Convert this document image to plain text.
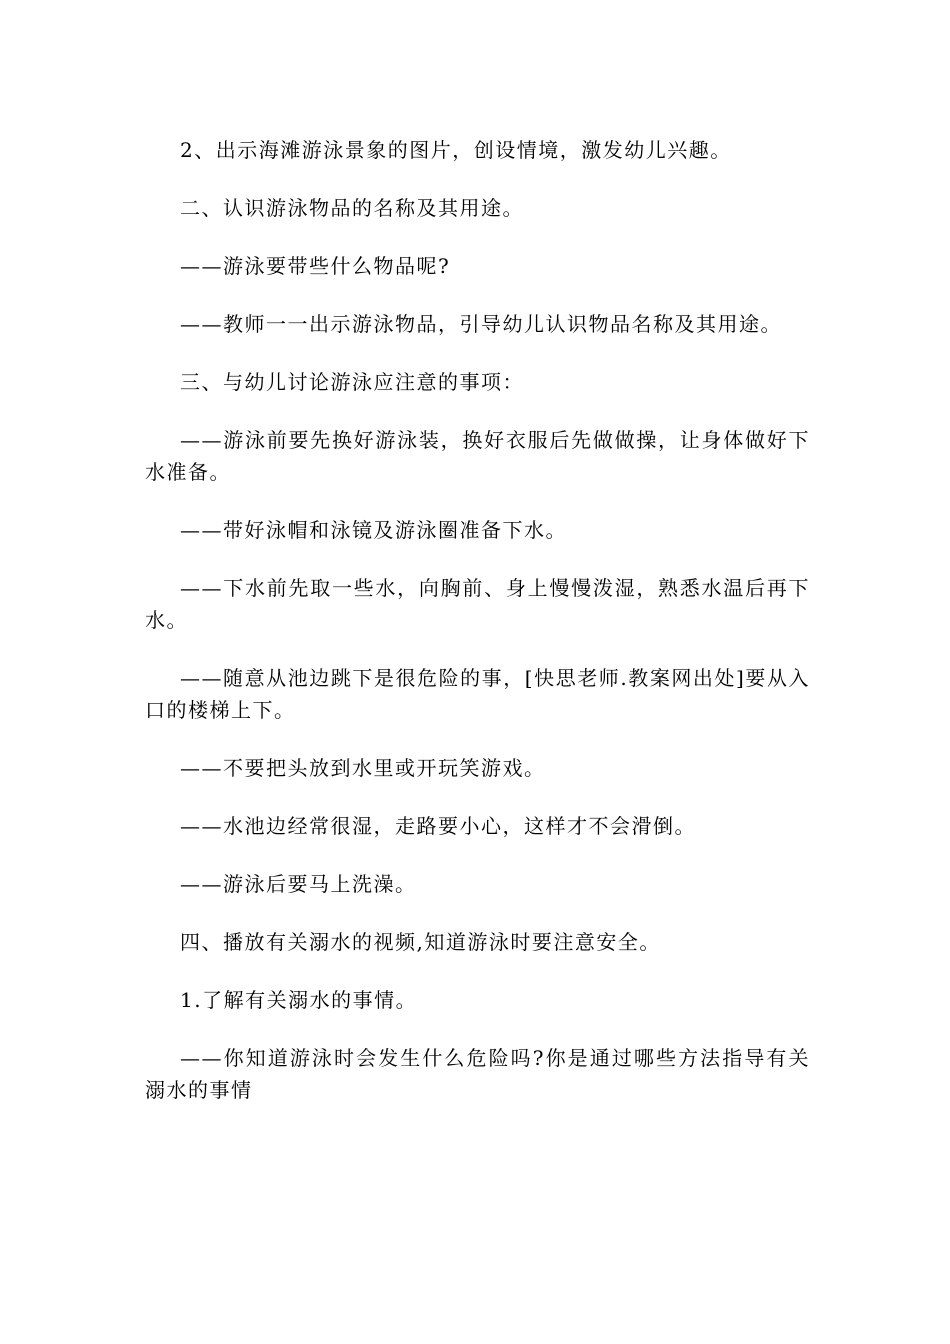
2、出示海滩游泳景象的图片，创设情境，激发幼儿兴趣。

二、认识游泳物品的名称及其用途。

——游泳要带些什么物品呢?

——教师一一出示游泳物品，引导幼儿认识物品名称及其用途。

三、与幼儿讨论游泳应注意的事项：

——游泳前要先换好游泳装，换好衣服后先做做操，让身体做好下水准备。

——带好泳帽和泳镜及游泳圈准备下水。

——下水前先取一些水，向胸前、身上慢慢泼湿，熟悉水温后再下水。

——随意从池边跳下是很危险的事，[快思老师.教案网出处]要从入口的楼梯上下。

——不要把头放到水里或开玩笑游戏。

——水池边经常很湿，走路要小心，这样才不会滑倒。

——游泳后要马上洗澡。

四、播放有关溺水的视频,知道游泳时要注意安全。

1.了解有关溺水的事情。

——你知道游泳时会发生什么危险吗?你是通过哪些方法指导有关溺水的事情
